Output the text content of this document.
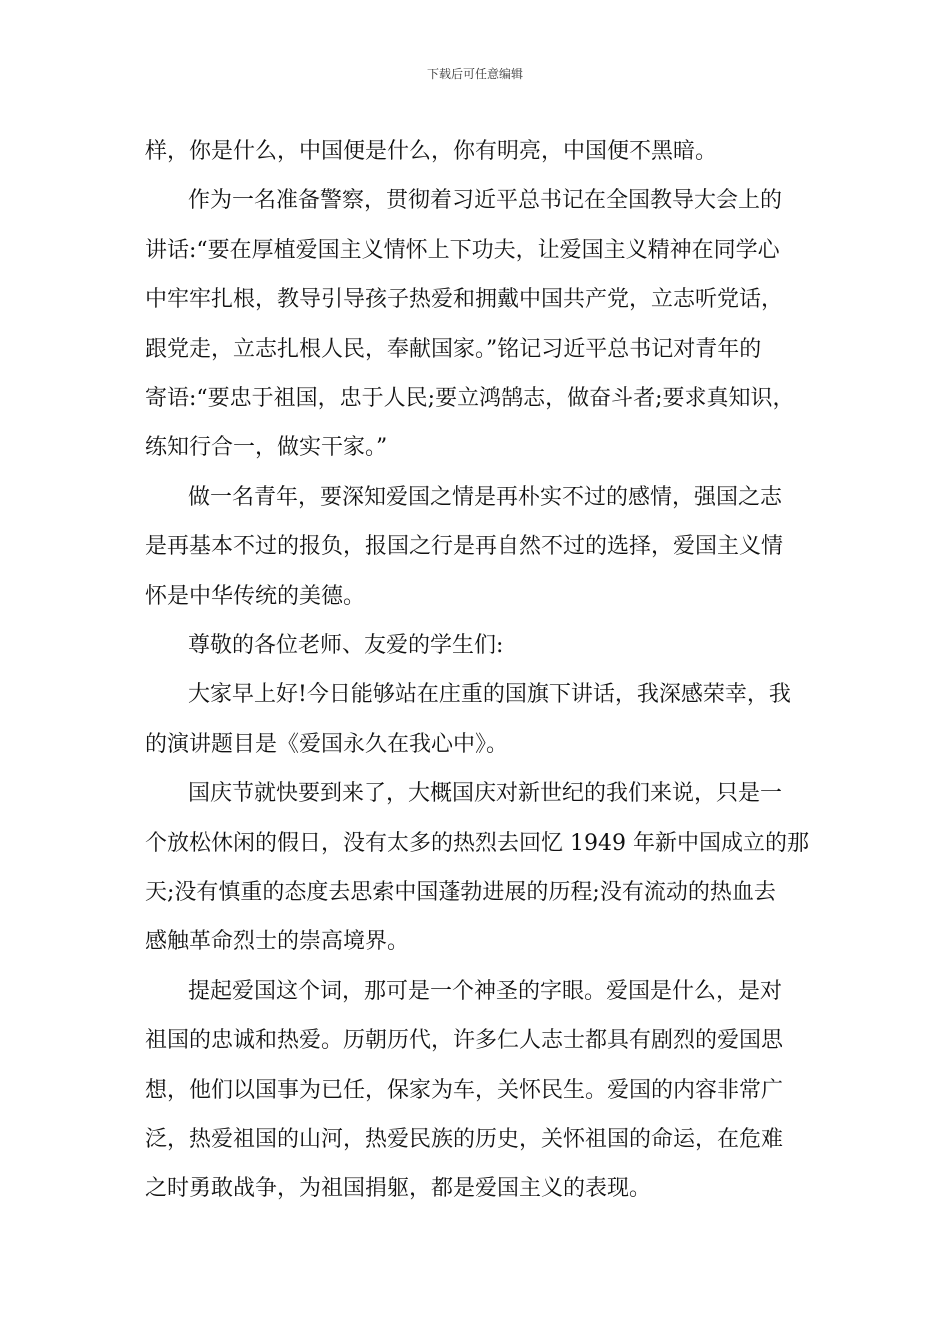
下载后可任意编辑
样，你是什么，中国便是什么，你有明亮，中国便不黑暗。
作为一名准备警察，贯彻着习近平总书记在全国教导大会上的
讲话:“要在厚植爱国主义情怀上下功夫，让爱国主义精神在同学心
中牢牢扎根，教导引导孩子热爱和拥戴中国共产党，立志听党话，
跟党走，立志扎根人民，奉献国家。”铭记习近平总书记对青年的
寄语:“要忠于祖国，忠于人民;要立鸿鹄志，做奋斗者;要求真知识，
练知行合一，做实干家。”
做一名青年，要深知爱国之情是再朴实不过的感情，强国之志
是再基本不过的报负，报国之行是再自然不过的选择，爱国主义情
怀是中华传统的美德。
尊敬的各位老师、友爱的学生们:
大家早上好!今日能够站在庄重的国旗下讲话，我深感荣幸，我
的演讲题目是《爱国永久在我心中》。
国庆节就快要到来了，大概国庆对新世纪的我们来说，只是一
个放松休闲的假日，没有太多的热烈去回忆 1949 年新中国成立的那
天;没有慎重的态度去思索中国蓬勃进展的历程;没有流动的热血去
感触革命烈士的崇高境界。
提起爱国这个词，那可是一个神圣的字眼。爱国是什么，是对
祖国的忠诚和热爱。历朝历代，许多仁人志士都具有剧烈的爱国思
想，他们以国事为已任，保家为车，关怀民生。爱国的内容非常广
泛，热爱祖国的山河，热爱民族的历史，关怀祖国的命运，在危难
之时勇敢战争，为祖国捐躯，都是爱国主义的表现。
